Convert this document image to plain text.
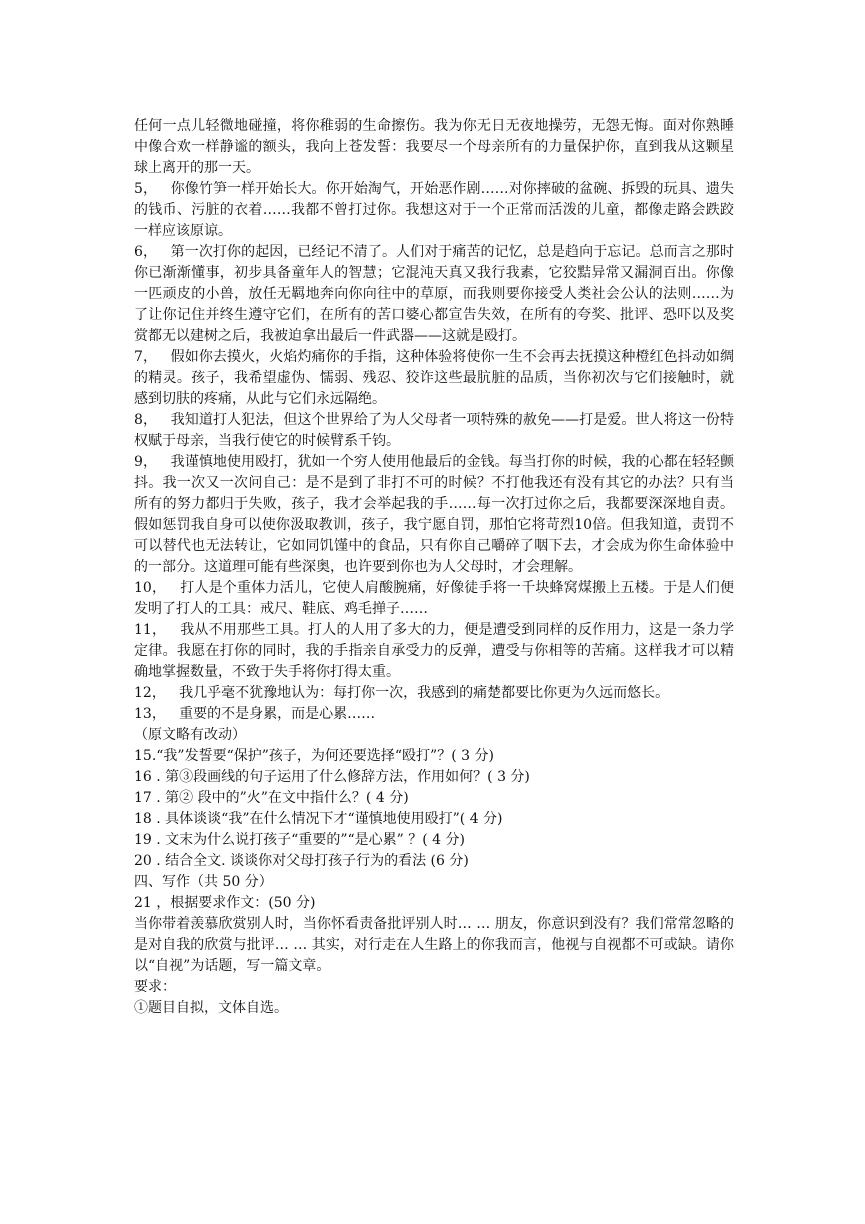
任何一点儿轻微地碰撞，将你稚弱的生命擦伤。我为你无日无夜地操劳，无怨无悔。面对你熟睡中像合欢一样静谧的额头，我向上苍发誓：我要尽一个母亲所有的力量保护你，直到我从这颗星球上离开的那一天。

5，   你像竹笋一样开始长大。你开始淘气，开始恶作剧……对你摔破的盆碗、拆毁的玩具、遗失的钱币、污脏的衣着……我都不曾打过你。我想这对于一个正常而活泼的儿童，都像走路会跌跤一样应该原谅。

6，   第一次打你的起因，已经记不清了。人们对于痛苦的记忆，总是趋向于忘记。总而言之那时你已渐渐懂事，初步具备童年人的智慧；它混沌天真又我行我素，它狡黠异常又漏洞百出。你像一匹顽皮的小兽，放任无羁地奔向你向往中的草原，而我则要你接受人类社会公认的法则……为了让你记住并终生遵守它们，在所有的苦口婆心都宣告失效，在所有的夸奖、批评、恐吓以及奖赏都无以建树之后，我被迫拿出最后一件武器——这就是殴打。

7，   假如你去摸火，火焰灼痛你的手指，这种体验将使你一生不会再去抚摸这种橙红色抖动如绸的精灵。孩子，我希望虚伪、懦弱、残忍、狡诈这些最肮脏的品质，当你初次与它们接触时，就感到切肤的疼痛，从此与它们永远隔绝。

8，   我知道打人犯法，但这个世界给了为人父母者一项特殊的赦免——打是爱。世人将这一份特权赋于母亲，当我行使它的时候臂系千钧。

9，   我谨慎地使用殴打，犹如一个穷人使用他最后的金钱。每当打你的时候，我的心都在轻轻颤抖。我一次又一次问自己：是不是到了非打不可的时候？不打他我还有没有其它的办法？只有当所有的努力都归于失败，孩子，我才会举起我的手……每一次打过你之后，我都要深深地自责。假如惩罚我自身可以使你汲取教训，孩子，我宁愿自罚，那怕它将苛烈10倍。但我知道，责罚不可以替代也无法转让，它如同饥馑中的食品，只有你自己嚼碎了咽下去，才会成为你生命体验中的一部分。这道理可能有些深奥，也许要到你也为人父母时，才会理解。

10，   打人是个重体力活儿，它使人肩酸腕痛，好像徒手将一千块蜂窝煤搬上五楼。于是人们便发明了打人的工具：戒尺、鞋底、鸡毛掸子……

11，   我从不用那些工具。打人的人用了多大的力，便是遭受到同样的反作用力，这是一条力学定律。我愿在打你的同时，我的手指亲自承受力的反弹，遭受与你相等的苦痛。这样我才可以精确地掌握数量，不致于失手将你打得太重。

12，   我几乎毫不犹豫地认为：每打你一次，我感到的痛楚都要比你更为久远而悠长。

13，   重要的不是身累，而是心累……

（原文略有改动）

15.“我”发誓要“保护”孩子，为何还要选择“殴打”？( 3 分)

16 . 第③段画线的句子运用了什么修辞方法，作用如何？( 3 分)

17 . 第② 段中的”火”在文中指什么？( 4 分)

18 . 具体谈谈“我”在什么情况下才“谨慎地使用殴打”( 4 分)

19 . 文末为什么说打孩子“重要的”“是心累” ？( 4 分)

20 . 结合全文. 谈谈你对父母打孩子行为的看法 (6 分)

四、写作（共 50 分）

21 ，根据要求作文：(50 分)

当你带着羡慕欣赏别人时，当你怀看责备批评别人时… … 朋友，你意识到没有？我们常常忽略的是对自我的欣赏与批评… … 其实，对行走在人生路上的你我而言，他视与自视都不可或缺。请你以“自视”为话题，写一篇文章。

要求：

①题目自拟，文体自选。
